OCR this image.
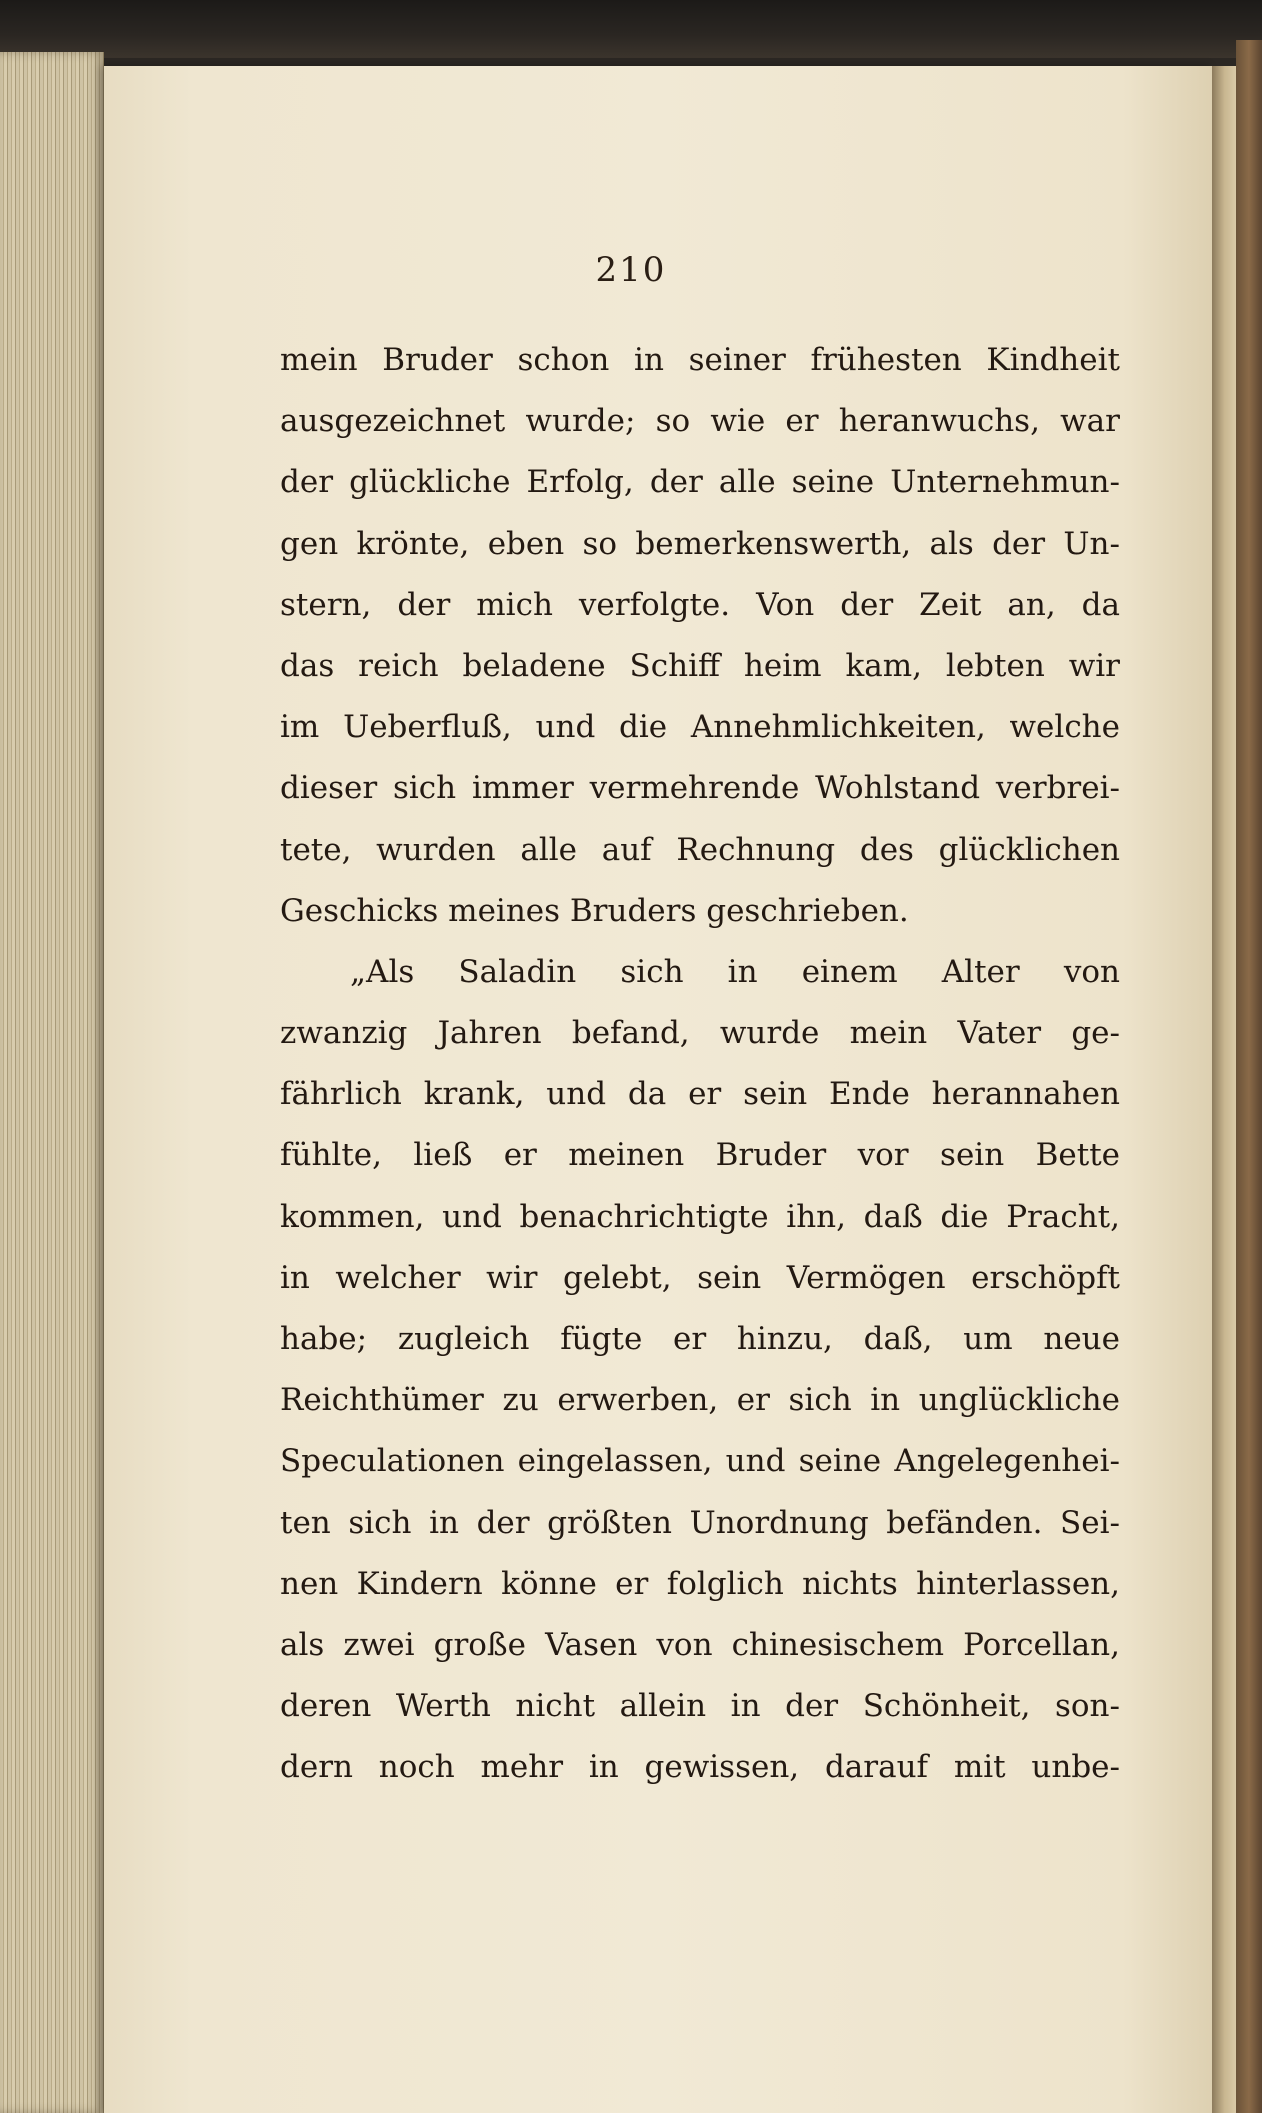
210
mein Bruder schon in seiner frühesten Kindheit
ausgezeichnet wurde; so wie er heranwuchs, war
der glückliche Erfolg, der alle seine Unternehmun-
gen krönte, eben so bemerkenswerth, als der Un-
stern, der mich verfolgte. Von der Zeit an, da
das reich beladene Schiff heim kam, lebten wir
im Ueberfluß, und die Annehmlichkeiten, welche
dieser sich immer vermehrende Wohlstand verbrei-
tete, wurden alle auf Rechnung des glücklichen
Geschicks meines Bruders geschrieben.
„Als Saladin sich in einem Alter von
zwanzig Jahren befand, wurde mein Vater ge-
fährlich krank, und da er sein Ende herannahen
fühlte, ließ er meinen Bruder vor sein Bette
kommen, und benachrichtigte ihn, daß die Pracht,
in welcher wir gelebt, sein Vermögen erschöpft
habe; zugleich fügte er hinzu, daß, um neue
Reichthümer zu erwerben, er sich in unglückliche
Speculationen eingelassen, und seine Angelegenhei-
ten sich in der größten Unordnung befänden. Sei-
nen Kindern könne er folglich nichts hinterlassen,
als zwei große Vasen von chinesischem Porcellan,
deren Werth nicht allein in der Schönheit, son-
dern noch mehr in gewissen, darauf mit unbe-
